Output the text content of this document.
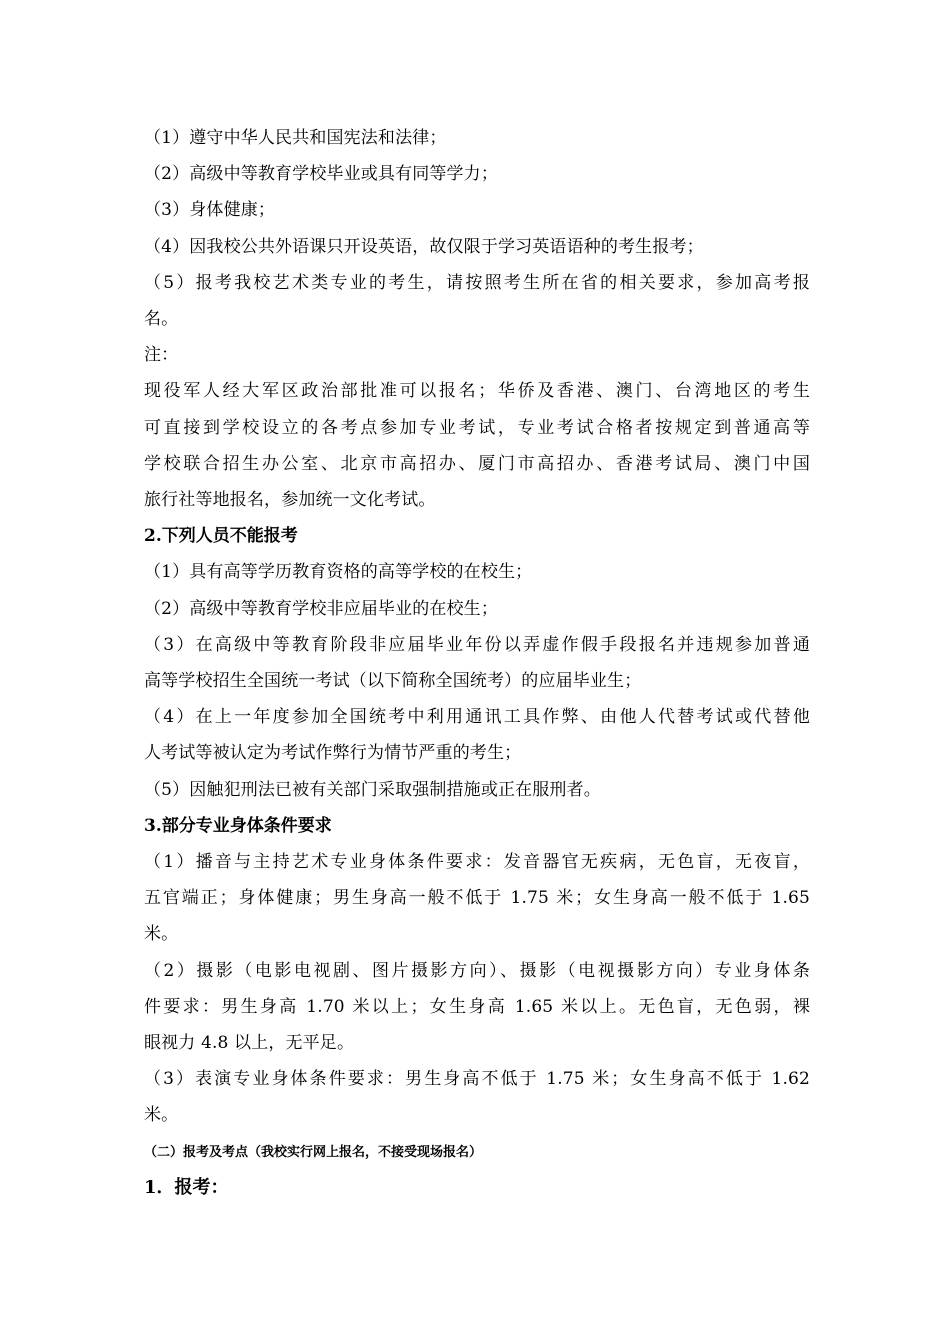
（1）遵守中华人民共和国宪法和法律；
（2）高级中等教育学校毕业或具有同等学力；
（3）身体健康；
（4）因我校公共外语课只开设英语，故仅限于学习英语语种的考生报考；
（5）报考我校艺术类专业的考生，请按照考生所在省的相关要求，参加高考报
名。
注：
现役军人经大军区政治部批准可以报名；华侨及香港、澳门、台湾地区的考生
可直接到学校设立的各考点参加专业考试，专业考试合格者按规定到普通高等
学校联合招生办公室、北京市高招办、厦门市高招办、香港考试局、澳门中国
旅行社等地报名，参加统一文化考试。
2.下列人员不能报考
（1）具有高等学历教育资格的高等学校的在校生；
（2）高级中等教育学校非应届毕业的在校生；
（3）在高级中等教育阶段非应届毕业年份以弄虚作假手段报名并违规参加普通
高等学校招生全国统一考试（以下简称全国统考）的应届毕业生；
（4）在上一年度参加全国统考中利用通讯工具作弊、由他人代替考试或代替他
人考试等被认定为考试作弊行为情节严重的考生；
（5）因触犯刑法已被有关部门采取强制措施或正在服刑者。
3.部分专业身体条件要求
（1）播音与主持艺术专业身体条件要求：发音器官无疾病，无色盲，无夜盲，
五官端正；身体健康；男生身高一般不低于 1.75 米；女生身高一般不低于 1.65
米。
（2）摄影（电影电视剧、图片摄影方向）、摄影（电视摄影方向）专业身体条
件要求：男生身高 1.70 米以上；女生身高 1.65 米以上。无色盲，无色弱，裸
眼视力 4.8 以上，无平足。
（3）表演专业身体条件要求：男生身高不低于 1.75 米；女生身高不低于 1.62
米。
（二）报考及考点（我校实行网上报名，不接受现场报名）
1．报考：
